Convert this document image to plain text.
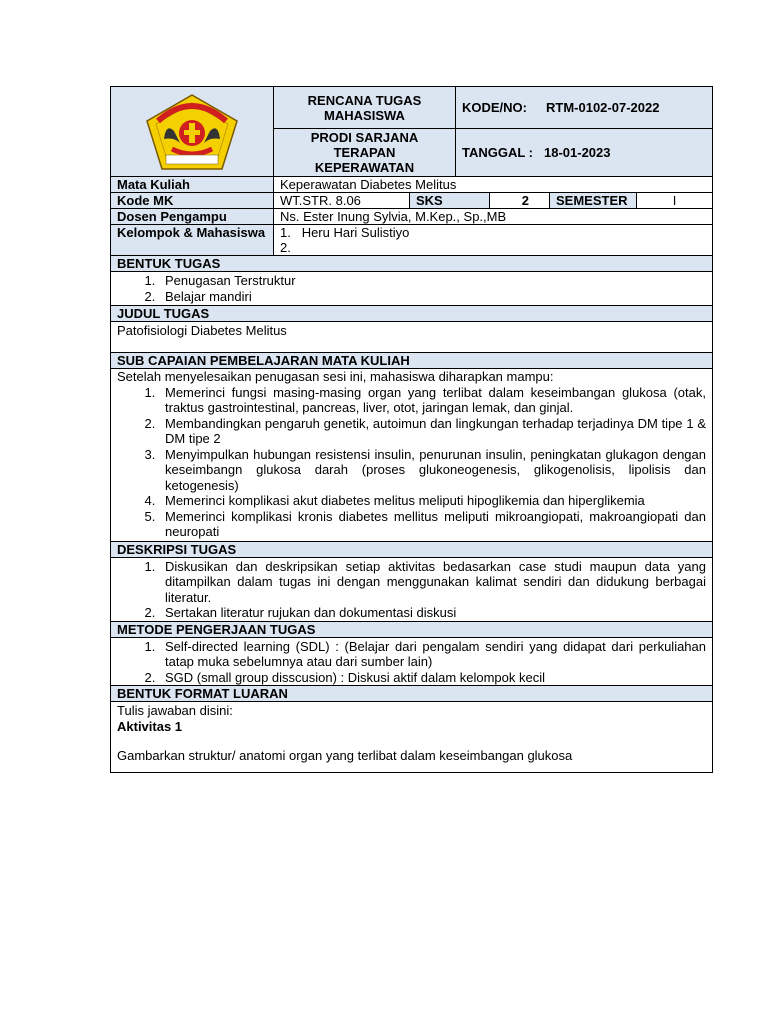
RENCANA TUGAS MAHASISWA
PRODI SARJANA TERAPAN KEPERAWATAN
KODE/NO:	RTM-0102-07-2022
TANGGAL : 18-01-2023
Mata Kuliah	Keperawatan Diabetes Melitus
Kode MK	WT.STR. 8.06	SKS	2	SEMESTER	I
Dosen Pengampu	Ns. Ester Inung Sylvia, M.Kep., Sp.,MB
Kelompok & Mahasiswa	1.   Heru Hari Sulistiyo
2.
BENTUK TUGAS
1. Penugasan Terstruktur
2. Belajar mandiri
JUDUL TUGAS
Patofisiologi Diabetes Melitus
SUB CAPAIAN PEMBELAJARAN MATA KULIAH
Setelah menyelesaikan penugasan sesi ini, mahasiswa diharapkan mampu:
1. Memerinci fungsi masing-masing organ yang terlibat dalam keseimbangan glukosa (otak, traktus gastrointestinal, pancreas, liver, otot, jaringan lemak, dan ginjal.
2. Membandingkan pengaruh genetik, autoimun dan lingkungan terhadap terjadinya DM tipe 1 & DM tipe 2
3. Menyimpulkan hubungan resistensi insulin, penurunan insulin, peningkatan glukagon dengan keseimbangn glukosa darah (proses glukoneogenesis, glikogenolisis, lipolisis dan ketogenesis)
4. Memerinci komplikasi akut diabetes melitus meliputi hipoglikemia dan hiperglikemia
5. Memerinci komplikasi kronis diabetes mellitus meliputi mikroangiopati, makroangiopati dan neuropati
DESKRIPSI TUGAS
1. Diskusikan dan deskripsikan setiap aktivitas bedasarkan case studi maupun data yang ditampilkan dalam tugas ini dengan menggunakan kalimat sendiri dan didukung berbagai literatur.
2. Sertakan literatur rujukan dan dokumentasi diskusi
METODE PENGERJAAN TUGAS
1. Self-directed learning (SDL) : (Belajar dari pengalam sendiri yang didapat dari perkuliahan tatap muka sebelumnya atau dari sumber lain)
2. SGD (small group disscusion) : Diskusi aktif dalam kelompok kecil
BENTUK FORMAT LUARAN
Tulis jawaban disini:
Aktivitas 1
Gambarkan struktur/ anatomi organ yang terlibat dalam keseimbangan glukosa
